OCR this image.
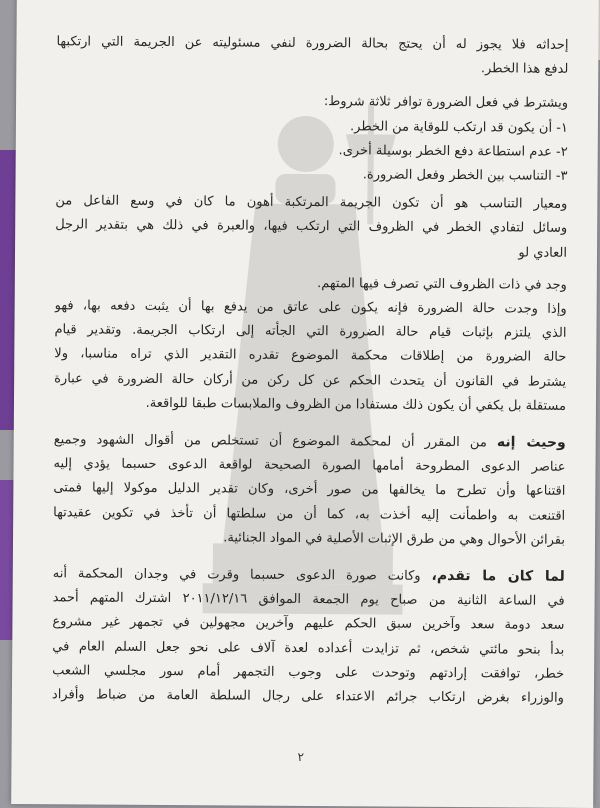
إحداثه فلا يجوز له أن يحتج بحالة الضرورة لنفي مسئوليته عن الجريمة التي ارتكبها

لدفع هذا الخطر.

ويشترط في فعل الضرورة توافر ثلاثة شروط:

١- أن يكون قد ارتكب للوقاية من الخطر.

٢- عدم استطاعة دفع الخطر بوسيلة أخرى.

٣- التناسب بين الخطر وفعل الضرورة.

ومعيار التناسب هو أن تكون الجريمة المرتكبة أهون ما كان في وسع الفاعل من

وسائل لتفادي الخطر في الظروف التي ارتكب فيها، والعبرة في ذلك هي بتقدير الرجل

العادي لو

وجد في ذات الظروف التي تصرف فيها المتهم.

وإذا وجدت حالة الضرورة فإنه يكون على عاتق من يدفع بها أن يثبت دفعه بها، فهو

الذي يلتزم بإثبات قيام حالة الضرورة التي الجأته إلى ارتكاب الجريمة. وتقدير قيام

حالة الضرورة من إطلاقات محكمة الموضوع تقدره التقدير الذي تراه مناسبا، ولا

يشترط في القانون أن يتحدث الحكم عن كل ركن من أركان حالة الضرورة في عبارة

مستقلة بل يكفي أن يكون ذلك مستفادا من الظروف والملابسات طبقا للواقعة.

وحيث إنه من المقرر أن لمحكمة الموضوع أن تستخلص من أقوال الشهود وجميع

عناصر الدعوى المطروحة أمامها الصورة الصحيحة لواقعة الدعوى حسبما يؤدي إليه

اقتناعها وأن تطرح ما يخالفها من صور أخرى، وكان تقدير الدليل موكولا إليها فمتى

اقتنعت به واطمأنت إليه أخذت به، كما أن من سلطتها أن تأخذ في تكوين عقيدتها

بقرائن الأحوال وهي من طرق الإثبات الأصلية في المواد الجنائية.

لما كان ما تقدم، وكانت صورة الدعوى حسبما وقرت في وجدان المحكمة أنه

في الساعة الثانية من صباح يوم الجمعة الموافق ٢٠١١/١٢/١٦ اشترك المتهم أحمد

سعد دومة سعد وآخرين سبق الحكم عليهم وآخرين مجهولين في تجمهر غير مشروع

بدأ بنحو مائتي شخص، ثم تزايدت أعداده لعدة آلاف على نحو جعل السلم العام في

خطر، توافقت إرادتهم وتوحدت على وجوب التجمهر أمام سور مجلسي الشعب

والوزراء بغرض ارتكاب جرائم الاعتداء على رجال السلطة العامة من ضباط وأفراد

٢
